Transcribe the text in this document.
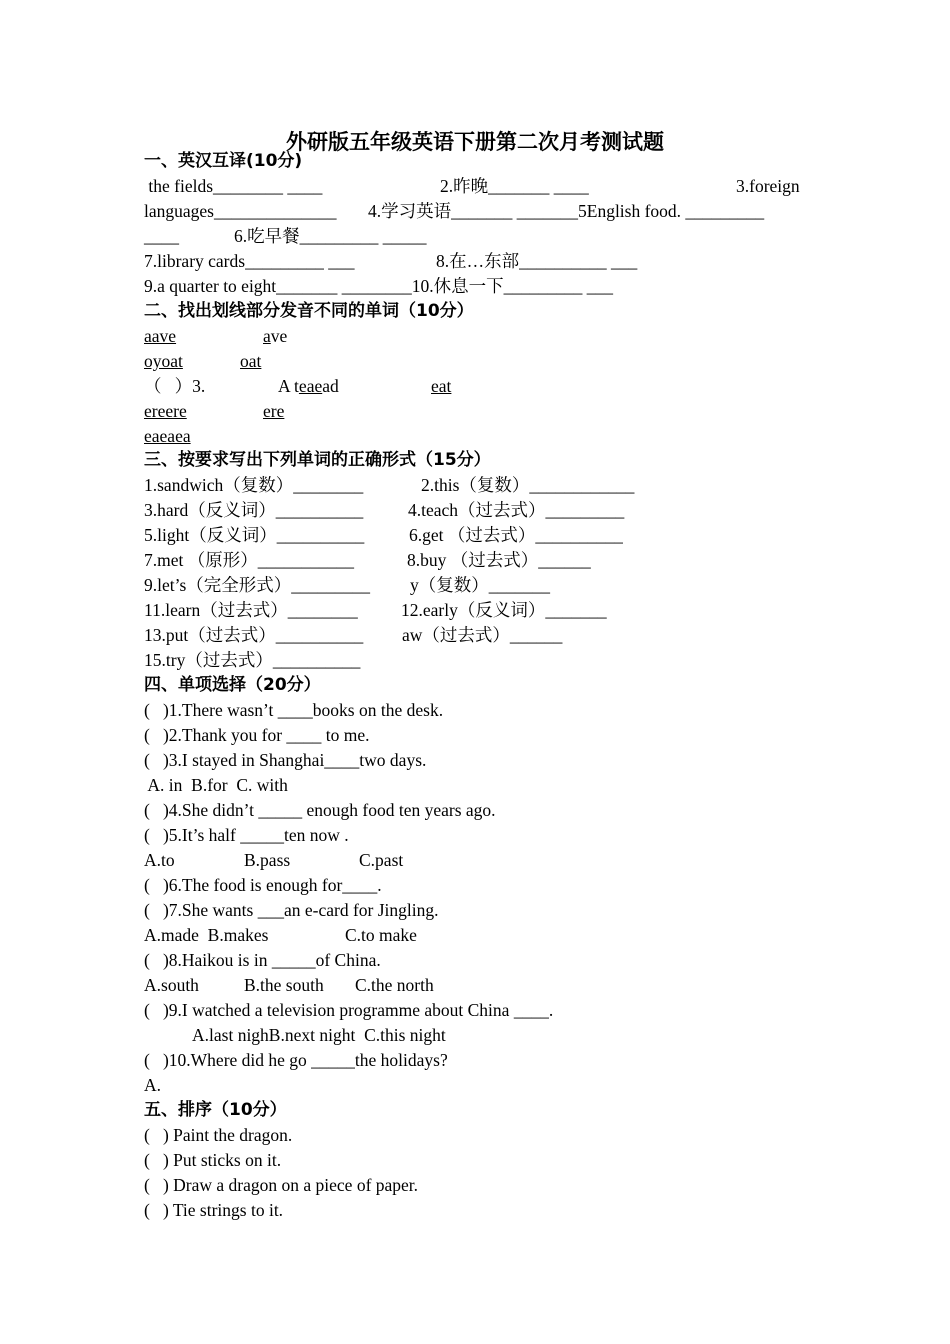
外研版五年级英语下册第二次月考测试题
一、英汉互译(10分)
the fields________ ____	2.昨晚_______ ____	3.foreign
languages______________ 4.学习英语_______ _______5English food. _________
____	6.吃早餐_________ _____
7.library cards_________ ___	8.在…东部__________ ___
9.a quarter to eight_______ ________10.休息一下_________ ___
二、找出划线部分发音不同的单词（10分）
aave	ave
oyoat	oat
（   ）3.	A teaead	eat
ereere	ere
eaeaea
三、按要求写出下列单词的正确形式（15分）
1.sandwich（复数）________	2.this（复数）____________
3.hard（反义词）__________	4.teach（过去式）_________
5.light（反义词）__________	6.get （过去式）__________
7.met （原形）___________	8.buy （过去式）______
9.let’s（完全形式）_________ y（复数）_______
11.learn（过去式）________ 12.early（反义词）_______
13.put（过去式）__________ aw（过去式）______
15.try（过去式）__________
四、单项选择（20分）
(   )1.There wasn’t ____books on the desk.
(   )2.Thank you for ____ to me.
(   )3.I stayed in Shanghai____two days.
A. in  B.for  C. with
(   )4.She didn’t _____ enough food ten years ago.
(   )5.It’s half _____ten now .
A.to	B.pass	C.past
(   )6.The food is enough for____.
(   )7.She wants ___an e-card for Jingling.
A.made  B.makes	C.to make
(   )8.Haikou is in _____of China.
A.south	B.the south C.the north
(   )9.I watched a television programme about China ____.
A.last nighB.next night  C.this night
(   )10.Where did he go _____the holidays?
A.
五、排序（10分）
(   ) Paint the dragon.
(   ) Put sticks on it.
(   ) Draw a dragon on a piece of paper.
(   ) Tie strings to it.
